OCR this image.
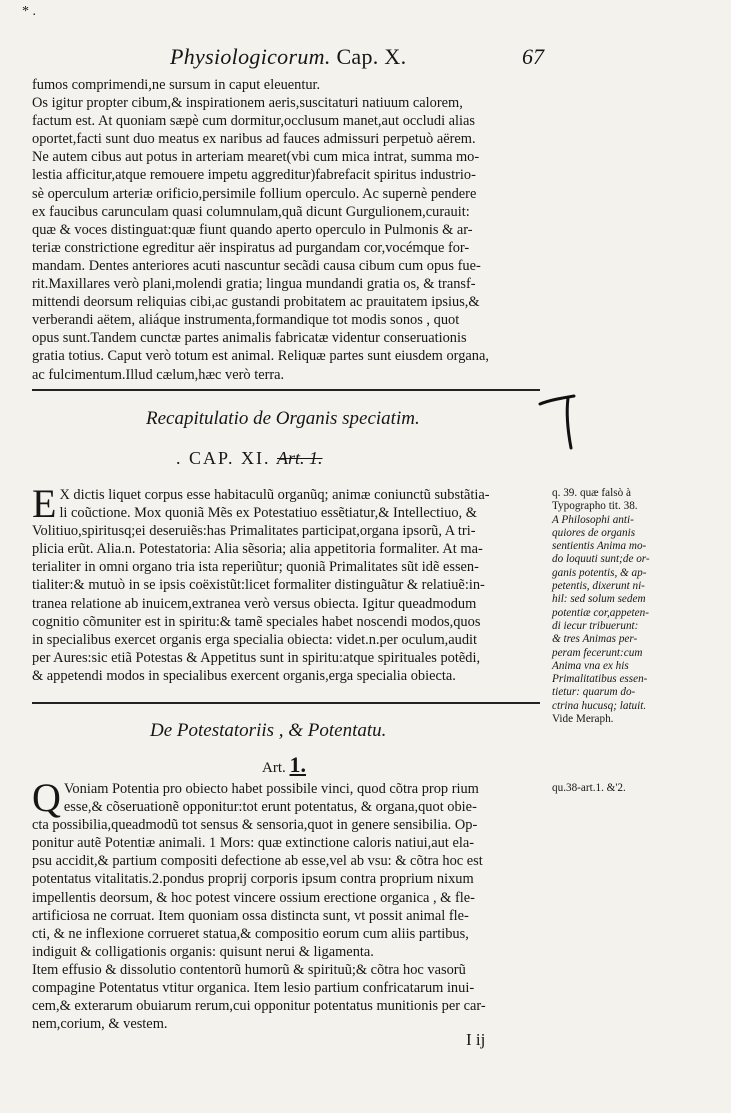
* .
Physiologicorum. Cap. X.	67
fumos comprimendi,ne sursum in caput eleuentur.
Os igitur propter cibum,& inspirationem aeris,suscitaturi natiuum calorem,
factum est. At quoniam sæpè cum dormitur,occlusum manet,aut occludi alias
oportet,facti sunt duo meatus ex naribus ad fauces admissuri perpetuò aërem.
Ne autem cibus aut potus in arteriam mearet(vbi cum mica intrat, summa mo-
lestia afficitur,atque remouere impetu aggreditur)fabrefacit spiritus industrio-
sè operculum arteriæ orificio,persimile follium operculo. Ac supernè pendere
ex faucibus carunculam quasi columnulam,quã dicunt Gurgulionem,curauit:
quæ & voces distinguat:quæ fiunt quando aperto operculo in Pulmonis & ar-
teriæ constrictione egreditur aër inspiratus ad purgandam cor,vocémque for-
mandam. Dentes anteriores acuti nascuntur secãdi causa cibum cum opus fue-
rit.Maxillares verò plani,molendi gratia; lingua mundandi gratia os, & transf-
mittendi deorsum reliquias cibi,ac gustandi probitatem ac prauitatem ipsius,&
verberandi aëtem, aliáque instrumenta,formandique tot modis sonos , quot
opus sunt.Tandem cunctæ partes animalis fabricatæ videntur conseruationis
gratia totius. Caput verò totum est animal. Reliquæ partes sunt eiusdem organa,
ac fulcimentum.Illud cælum,hæc verò terra.
Recapitulatio de Organis speciatim.
. CAP. XI. Art. 1.
E X dictis liquet corpus esse habitaculũ organũq; animæ coniunctũ substãtia-
li coũctione. Mox quoniã Mẽs ex Potestatiuo essẽtiatur,& Intellectiuo, &
Volitiuo,spiritusq;ei deseruiẽs:has Primalitates participat,organa ipsorũ, A tri-
plicia erũt. Alia.n. Potestatoria: Alia sẽsoria; alia appetitoria formaliter. At ma-
terialiter in omni organo tria ista reperiũtur; quoniã Primalitates sũt idẽ essen-
tialiter:& mutuò in se ipsis coëxistũt:licet formaliter distinguãtur & relatiuẽ:in-
tranea relatione ab inuicem,extranea verò versus obiecta. Igitur queadmodum
cognitio cõmuniter est in spiritu:& tamẽ speciales habet noscendi modos,quos
in specialibus exercet organis erga specialia obiecta: videt.n.per oculum,audit
per Aures:sic etiã Potestas & Appetitus sunt in spiritu:atque spirituales potẽdi,
& appetendi modos in specialibus exercent organis,erga specialia obiecta.
De Potestatoriis , & Potentatu.
Art. 1.
Q Voniam Potentia pro obiecto habet possibile vinci, quod cõtra prop rium
esse,& cõseruationẽ opponitur:tot erunt potentatus, & organa,quot obie-
cta possibilia,queadmodũ tot sensus & sensoria,quot in genere sensibilia. Op-
ponitur autẽ Potentiæ animali. 1 Mors: quæ extinctione caloris natiui,aut ela-
psu accidit,& partium compositi defectione ab esse,vel ab vsu: & cõtra hoc est
potentatus vitalitatis.2.pondus proprij corporis ipsum contra proprium nixum
impellentis deorsum, & hoc potest vincere ossium erectione organica , & fle-
artificiosa ne corruat. Item quoniam ossa distincta sunt, vt possit animal fle-
cti, & ne inflexione corrueret statua,& compositio eorum cum aliis partibus,
indiguit & colligationis organis: quisunt nerui & ligamenta.
Item effusio & dissolutio contentorũ humorũ & spirituũ;& cõtra hoc vasorũ
compagine Potentatus vtitur organica. Item lesio partium confricatarum inui-
cem,& exterarum obuiarum rerum,cui opponitur potentatus munitionis per car-
nem,corium, & vestem.
q. 39. quæ falsò à
Typographo tit. 38.
A Philosophi anti-
quiores de organis
sentientis Anima mo-
do loquuti sunt;de or-
ganis potentis, & ap-
petentis, dixerunt ni-
hil: sed solum sedem
potentiæ cor,appeten-
di iecur tribuerunt:
& tres Animas per-
peram fecerunt:cum
Anima vna ex his
Primalitatibus essen-
tietur: quarum do-
ctrina hucusq; latuit.
Vide Meraph.
qu.38-art.1. &'2.
I ij
